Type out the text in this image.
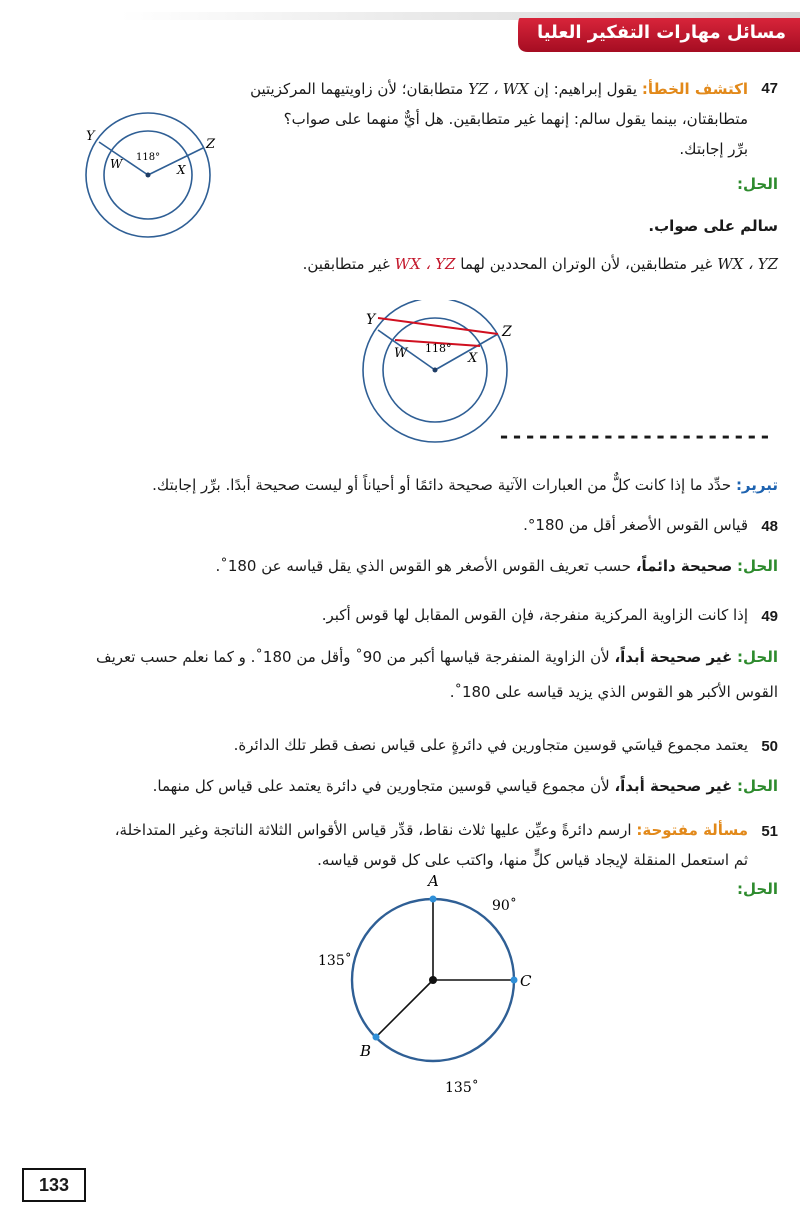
مسائل مهارات التفكير العليا
47
اكتشف الخطأ: يقول إبراهيم: إن YZ ، WX متطابقان؛ لأن زاويتيهما المركزيتين
متطابقتان، بينما يقول سالم: إنهما غير متطابقين. هل أيٌّ منهما على صواب؟
برِّر إجابتك.
Y
Z
W	X
118°
الحل:
سالم على صواب.
WX ، YZ غير متطابقين، لأن الوتران المحددين لهما WX ، YZ غير متطابقين.
Y
Z
W	X
118°
---------------------
تبرير: حدِّد ما إذا كانت كلٌّ من العبارات الآتية صحيحة دائمًا أو أحياناً أو ليست صحيحة أبدًا. برِّر إجابتك.
48
قياس القوس الأصغر أقل من 180°.
الحل: صحيحة دائماً، حسب تعريف القوس الأصغر هو القوس الذي يقل قياسه عن 180˚.
49
إذا كانت الزاوية المركزية منفرجة، فإن القوس المقابل لها قوس أكبر.
الحل: غير صحيحة أبداً، لأن الزاوية المنفرجة قياسها أكبر من 90˚ وأقل من 180˚. و كما نعلم حسب تعريف
القوس الأكبر هو القوس الذي يزيد قياسه على 180˚.
50
يعتمد مجموع قياسَي قوسين متجاورين في دائرةٍ على قياس نصف قطر تلك الدائرة.
الحل: غير صحيحة أبداً، لأن مجموع قياسي قوسين متجاورين في دائرة يعتمد على قياس كل منهما.
51
مسألة مفتوحة: ارسم دائرةً وعيِّن عليها ثلاث نقاط، قدِّر قياس الأقواس الثلاثة الناتجة وغير المتداخلة،
ثم استعمل المنقلة لإيجاد قياس كلٍّ منها، واكتب على كل قوس قياسه.
الحل:
A
C
B
90˚
135˚
135˚
133
